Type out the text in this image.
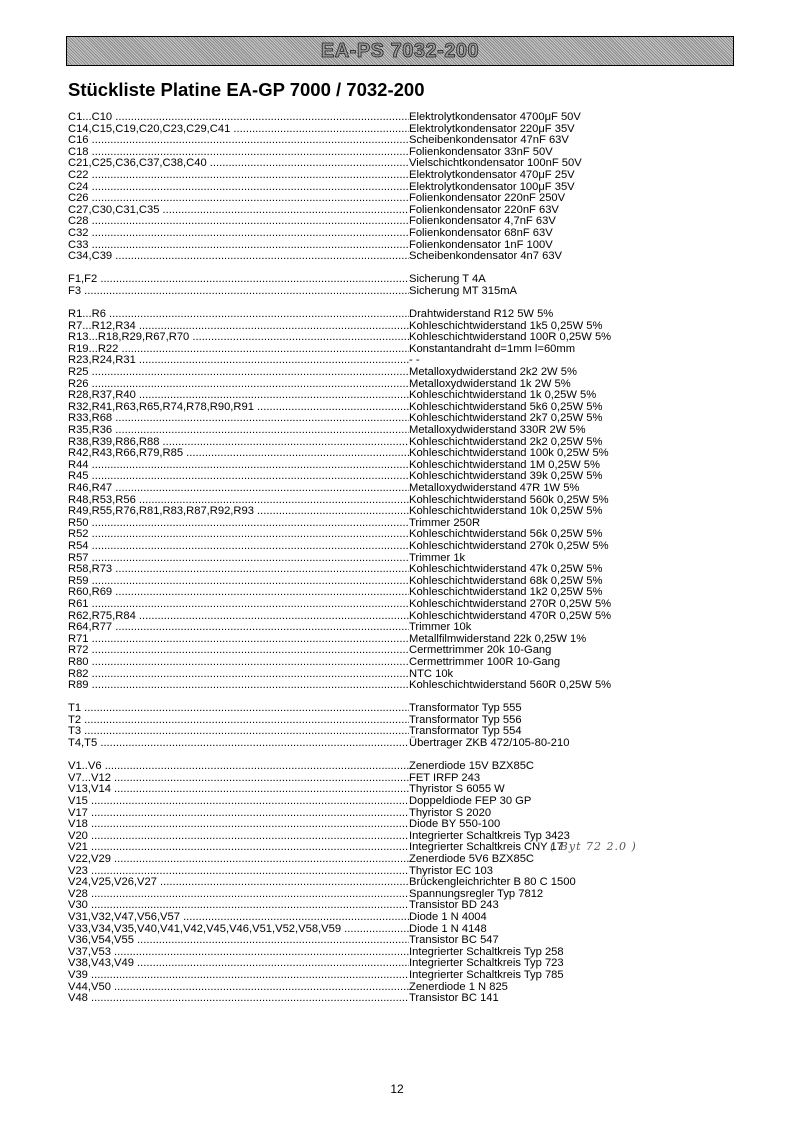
EA-PS 7032-200
Stückliste Platine EA-GP 7000 / 7032-200
C1...C10 .....	Elektrolytkondensator 4700μF 50V
C14,C15,C19,C20,C23,C29,C41 .....	Elektrolytkondensator 220μF 35V
C16 .....	Scheibenkondensator 47nF 63V
C18 .....	Folienkondensator 33nF 50V
C21,C25,C36,C37,C38,C40 .....	Vielschichtkondensator 100nF 50V
C22 .....	Elektrolytkondensator 470μF 25V
C24 .....	Elektrolytkondensator 100μF 35V
C26 .....	Folienkondensator 220nF 250V
C27,C30,C31,C35 .....	Folienkondensator 220nF 63V
C28 .....	Folienkondensator 4,7nF 63V
C32 .....	Folienkondensator 68nF 63V
C33 .....	Folienkondensator 1nF 100V
C34,C39 .....	Scheibenkondensator 4n7 63V
F1,F2 .....	Sicherung T 4A
F3 .....	Sicherung MT 315mA
R1...R6 .....	Drahtwiderstand R12 5W 5%
R7...R12,R34 .....	Kohleschichtwiderstand 1k5 0,25W 5%
R13...R18,R29,R67,R70 .....	Kohleschichtwiderstand 100R 0,25W 5%
R19...R22 .....	Konstantandraht d=1mm l=60mm
R23,R24,R31 .....	- -
R25 .....	Metalloxydwiderstand 2k2 2W 5%
R26 .....	Metalloxydwiderstand 1k 2W 5%
R28,R37,R40 .....	Kohleschichtwiderstand 1k 0,25W 5%
R32,R41,R63,R65,R74,R78,R90,R91 .....	Kohleschichtwiderstand 5k6 0,25W 5%
R33,R68 .....	Kohleschichtwiderstand 2k7 0,25W 5%
R35,R36 .....	Metalloxydwiderstand 330R 2W 5%
R38,R39,R86,R88 .....	Kohleschichtwiderstand 2k2 0,25W 5%
R42,R43,R66,R79,R85 .....	Kohleschichtwiderstand 100k 0,25W 5%
R44 .....	Kohleschichtwiderstand 1M 0,25W 5%
R45 .....	Kohleschichtwiderstand 39k 0,25W 5%
R46,R47 .....	Metalloxydwiderstand 47R 1W 5%
R48,R53,R56 .....	Kohleschichtwiderstand 560k 0,25W 5%
R49,R55,R76,R81,R83,R87,R92,R93 .....	Kohleschichtwiderstand 10k 0,25W 5%
R50 .....	Trimmer 250R
R52 .....	Kohleschichtwiderstand 56k 0,25W 5%
R54 .....	Kohleschichtwiderstand 270k 0,25W 5%
R57 .....	Trimmer 1k
R58,R73 .....	Kohleschichtwiderstand 47k 0,25W 5%
R59 .....	Kohleschichtwiderstand 68k 0,25W 5%
R60,R69 .....	Kohleschichtwiderstand 1k2 0,25W 5%
R61 .....	Kohleschichtwiderstand 270R 0,25W 5%
R62,R75,R84 .....	Kohleschichtwiderstand 470R 0,25W 5%
R64,R77 .....	Trimmer 10k
R71 .....	Metallfilmwiderstand 22k 0,25W 1%
R72 .....	Cermettrimmer 20k 10-Gang
R80 .....	Cermettrimmer 100R 10-Gang
R82 .....	NTC 10k
R89 .....	Kohleschichtwiderstand 560R 0,25W 5%
T1 .....	Transformator Typ 555
T2 .....	Transformator Typ 556
T3 .....	Transformator Typ 554
T4,T5 .....	Übertrager ZKB 472/105-80-210
V1..V6 .....	Zenerdiode 15V BZX85C
V7...V12 .....	FET IRFP 243
V13,V14 .....	Thyristor S 6055 W
V15 .....	Doppeldiode FEP 30 GP
V17 .....	Thyristor S 2020
V18 .....	Diode BY 550-100
V20 .....	Integrierter Schaltkreis Typ 3423
V21 .....	Integrierter Schaltkreis CNY 17
V22,V29 .....	Zenerdiode 5V6 BZX85C
V23 .....	Thyristor EC 103
V24,V25,V26,V27 .....	Brückengleichrichter B 80 C 1500
V28 .....	Spannungsregler Typ 7812
V30 .....	Transistor BD 243
V31,V32,V47,V56,V57 .....	Diode 1 N 4004
V33,V34,V35,V40,V41,V42,V45,V46,V51,V52,V58,V59 .....	Diode 1 N 4148
V36,V54,V55 .....	Transistor BC 547
V37,V53 .....	Integrierter Schaltkreis Typ 258
V38,V43,V49 .....	Integrierter Schaltkreis Typ 723
V39 .....	Integrierter Schaltkreis Typ 785
V44,V50 .....	Zenerdiode 1 N 825
V48 .....	Transistor BC 141
( Byt 72 2.0 )
12
